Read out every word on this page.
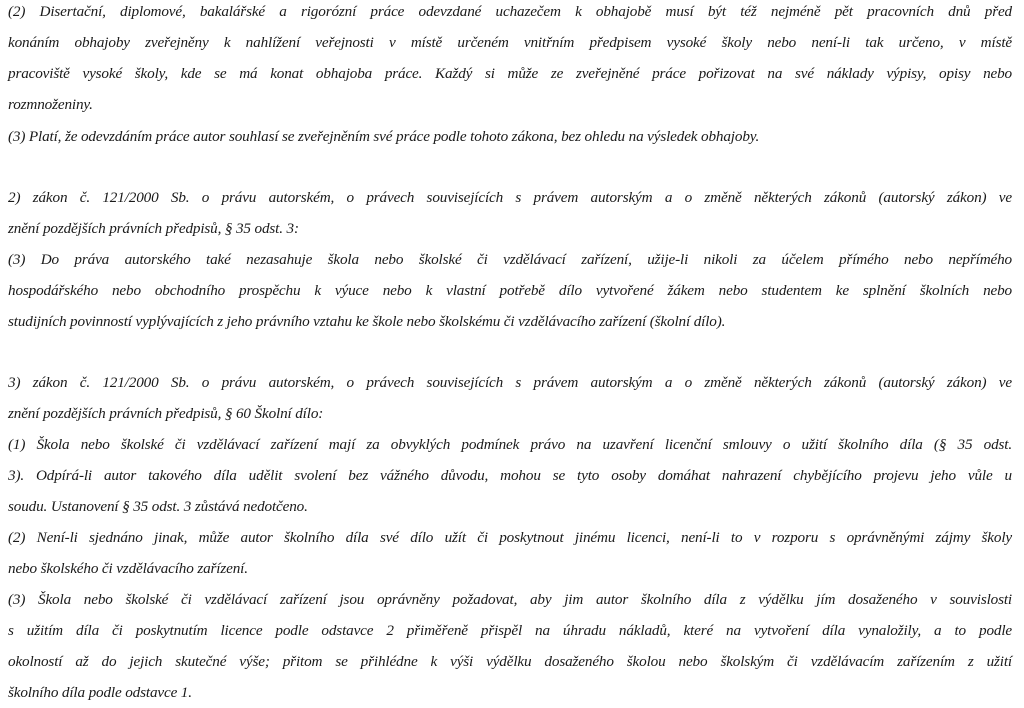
(2) Disertační, diplomové, bakalářské a rigorózní práce odevzdané uchazečem k obhajobě musí být též nejméně pět pracovních dnů před
konáním obhajoby zveřejněny k nahlížení veřejnosti v místě určeném vnitřním předpisem vysoké školy nebo není-li tak určeno, v místě
pracoviště vysoké školy, kde se má konat obhajoba práce. Každý si může ze zveřejněné práce pořizovat na své náklady výpisy, opisy nebo
rozmnoženiny.
(3) Platí, že odevzdáním práce autor souhlasí se zveřejněním své práce podle tohoto zákona, bez ohledu na výsledek obhajoby.
2) zákon č. 121/2000 Sb. o právu autorském, o právech souvisejících s právem autorským a o změně některých zákonů (autorský zákon) ve
znění pozdějších právních předpisů, § 35 odst. 3:
(3) Do práva autorského také nezasahuje škola nebo školské či vzdělávací zařízení, užije-li nikoli za účelem přímého nebo nepřímého
hospodářského nebo obchodního prospěchu k výuce nebo k vlastní potřebě dílo vytvořené žákem nebo studentem ke splnění školních nebo
studijních povinností vyplývajících z jeho právního vztahu ke škole nebo školskému či vzdělávacího zařízení (školní dílo).
3) zákon č. 121/2000 Sb. o právu autorském, o právech souvisejících s právem autorským a o změně některých zákonů (autorský zákon) ve
znění pozdějších právních předpisů, § 60 Školní dílo:
(1) Škola nebo školské či vzdělávací zařízení mají za obvyklých podmínek právo na uzavření licenční smlouvy o užití školního díla (§ 35 odst.
3). Odpírá-li autor takového díla udělit svolení bez vážného důvodu, mohou se tyto osoby domáhat nahrazení chybějícího projevu jeho vůle u
soudu. Ustanovení § 35 odst. 3 zůstává nedotčeno.
(2) Není-li sjednáno jinak, může autor školního díla své dílo užít či poskytnout jinému licenci, není-li to v rozporu s oprávněnými zájmy školy
nebo školského či vzdělávacího zařízení.
(3) Škola nebo školské či vzdělávací zařízení jsou oprávněny požadovat, aby jim autor školního díla z výdělku jím dosaženého v souvislosti
s užitím díla či poskytnutím licence podle odstavce 2 přiměřeně přispěl na úhradu nákladů, které na vytvoření díla vynaložily, a to podle
okolností až do jejich skutečné výše; přitom se přihlédne k výši výdělku dosaženého školou nebo školským či vzdělávacím zařízením z užití
školního díla podle odstavce 1.
